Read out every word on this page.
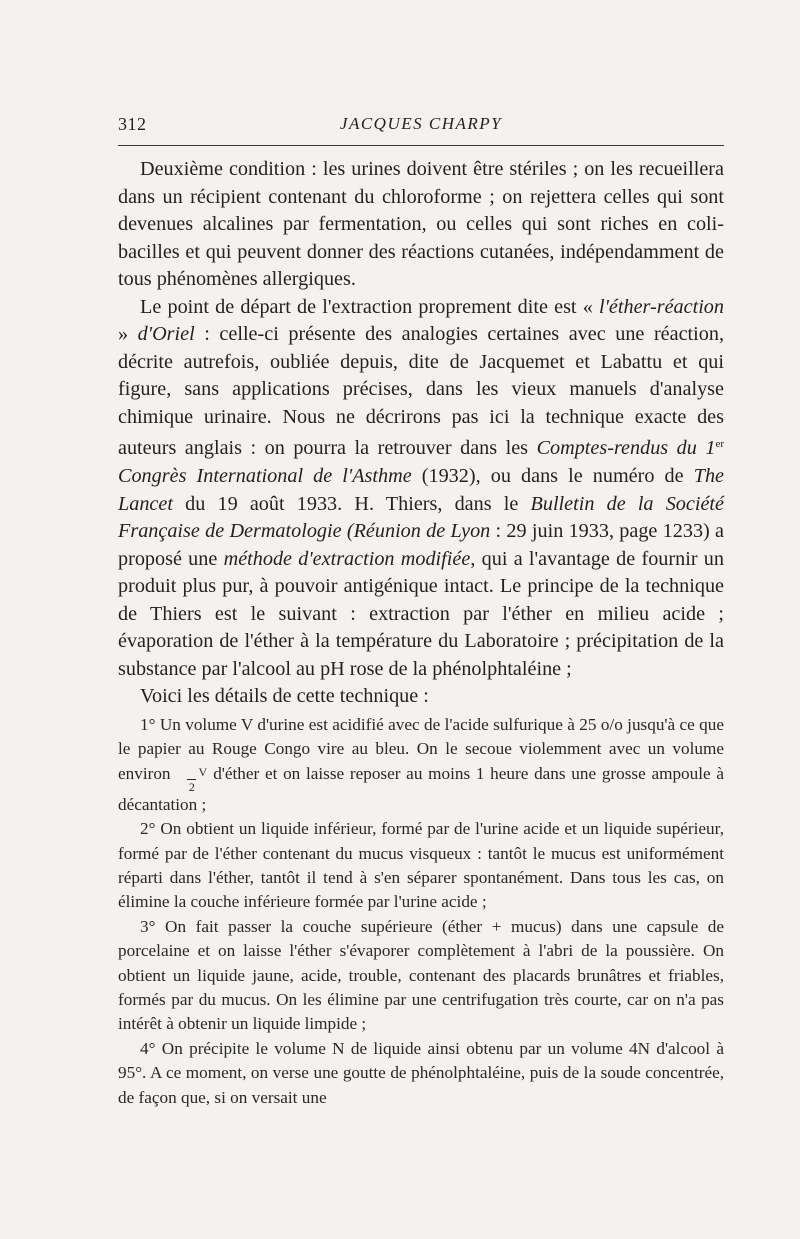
312	JACQUES CHARPY

Deuxième condition : les urines doivent être stériles ; on les recueillera dans un récipient contenant du chloroforme ; on rejettera celles qui sont devenues alcalines par fermentation, ou celles qui sont riches en coli-bacilles et qui peuvent donner des réactions cutanées, indépendamment de tous phénomènes allergiques.

Le point de départ de l'extraction proprement dite est « l'éther-réaction » d'Oriel : celle-ci présente des analogies certaines avec une réaction, décrite autrefois, oubliée depuis, dite de Jacquemet et Labattu et qui figure, sans applications précises, dans les vieux manuels d'analyse chimique urinaire. Nous ne décrirons pas ici la technique exacte des auteurs anglais : on pourra la retrouver dans les Comptes-rendus du 1er Congrès International de l'Asthme (1932), ou dans le numéro de The Lancet du 19 août 1933. H. Thiers, dans le Bulletin de la Société Française de Dermatologie (Réunion de Lyon : 29 juin 1933, page 1233) a proposé une méthode d'extraction modifiée, qui a l'avantage de fournir un produit plus pur, à pouvoir antigénique intact. Le principe de la technique de Thiers est le suivant : extraction par l'éther en milieu acide ; évaporation de l'éther à la température du Laboratoire ; précipitation de la substance par l'alcool au pH rose de la phénolphtaléine ;

Voici les détails de cette technique :

1° Un volume V d'urine est acidifié avec de l'acide sulfurique à 25 o/o jusqu'à ce que le papier au Rouge Congo vire au bleu. On le secoue violemment avec un volume environ V
2d'éther et on laisse reposer au moins 1 heure dans une grosse ampoule à décantation ;

2° On obtient un liquide inférieur, formé par de l'urine acide et un liquide supérieur, formé par de l'éther contenant du mucus visqueux : tantôt le mucus est uniformément réparti dans l'éther, tantôt il tend à s'en séparer spontanément. Dans tous les cas, on élimine la couche inférieure formée par l'urine acide ;

3° On fait passer la couche supérieure (éther + mucus) dans une capsule de porcelaine et on laisse l'éther s'évaporer complètement à l'abri de la poussière. On obtient un liquide jaune, acide, trouble, contenant des placards brunâtres et friables, formés par du mucus. On les élimine par une centrifugation très courte, car on n'a pas intérêt à obtenir un liquide limpide ;

4° On précipite le volume N de liquide ainsi obtenu par un volume 4N d'alcool à 95°. A ce moment, on verse une goutte de phénolphtaléine, puis de la soude concentrée, de façon que, si on versait une
